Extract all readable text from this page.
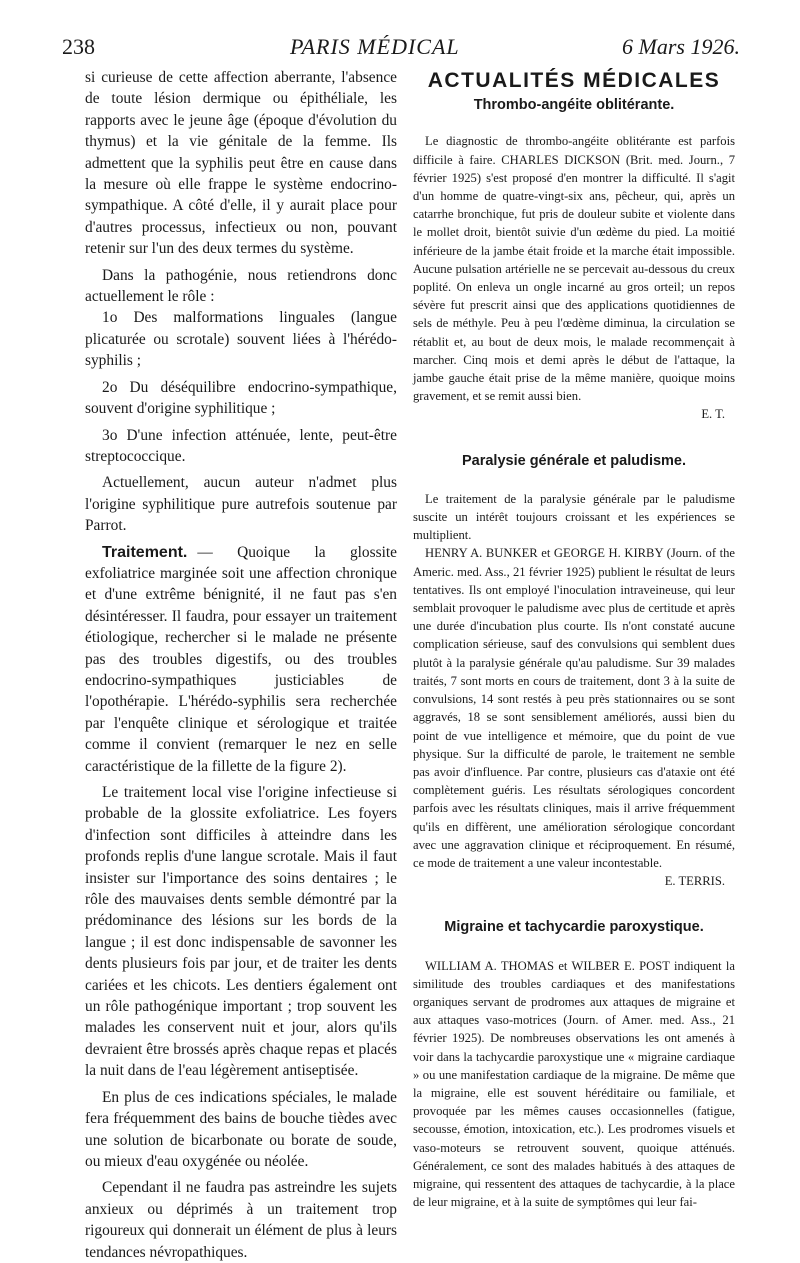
238	PARIS MÉDICAL	6 Mars 1926.

si curieuse de cette affection aberrante, l'absence de toute lésion dermique ou épithéliale, les rapports avec le jeune âge (époque d'évolution du thymus) et la vie génitale de la femme. Ils admettent que la syphilis peut être en cause dans la mesure où elle frappe le système endocrino-sympathique. A côté d'elle, il y aurait place pour d'autres processus, infectieux ou non, pouvant retenir sur l'un des deux termes du système.

Dans la pathogénie, nous retiendrons donc actuellement le rôle :

1o Des malformations linguales (langue plicaturée ou scrotale) souvent liées à l'hérédo-syphilis ;

2o Du déséquilibre endocrino-sympathique, souvent d'origine syphilitique ;

3o D'une infection atténuée, lente, peut-être streptococcique.

Actuellement, aucun auteur n'admet plus l'origine syphilitique pure autrefois soutenue par Parrot.

Traitement. — Quoique la glossite exfoliatrice marginée soit une affection chronique et d'une extrême bénignité, il ne faut pas s'en désintéresser. Il faudra, pour essayer un traitement étiologique, rechercher si le malade ne présente pas des troubles digestifs, ou des troubles endocrino-sympathiques justiciables de l'opothérapie. L'hérédo-syphilis sera recherchée par l'enquête clinique et sérologique et traitée comme il convient (remarquer le nez en selle caractéristique de la fillette de la figure 2).

Le traitement local vise l'origine infectieuse si probable de la glossite exfoliatrice. Les foyers d'infection sont difficiles à atteindre dans les profonds replis d'une langue scrotale. Mais il faut insister sur l'importance des soins dentaires ; le rôle des mauvaises dents semble démontré par la prédominance des lésions sur les bords de la langue ; il est donc indispensable de savonner les dents plusieurs fois par jour, et de traiter les dents cariées et les chicots. Les dentiers également ont un rôle pathogénique important ; trop souvent les malades les conservent nuit et jour, alors qu'ils devraient être brossés après chaque repas et placés la nuit dans de l'eau légèrement antiseptisée.

En plus de ces indications spéciales, le malade fera fréquemment des bains de bouche tièdes avec une solution de bicarbonate ou borate de soude, ou mieux d'eau oxygénée ou néolée.

Cependant il ne faudra pas astreindre les sujets anxieux ou déprimés à un traitement trop rigoureux qui donnerait un élément de plus à leurs tendances névropathiques.

ACTUALITÉS MÉDICALES
Thrombo-angéite oblitérante.

Le diagnostic de thrombo-angéite oblitérante est parfois difficile à faire. CHARLES DICKSON (Brit. med. Journ., 7 février 1925) s'est proposé d'en montrer la difficulté. Il s'agit d'un homme de quatre-vingt-six ans, pêcheur, qui, après un catarrhe bronchique, fut pris de douleur subite et violente dans le mollet droit, bientôt suivie d'un œdème du pied. La moitié inférieure de la jambe était froide et la marche était impossible. Aucune pulsation artérielle ne se percevait au-dessous du creux poplité. On enleva un ongle incarné au gros orteil; un repos sévère fut prescrit ainsi que des applications quotidiennes de sels de méthyle. Peu à peu l'œdème diminua, la circulation se rétablit et, au bout de deux mois, le malade recommençait à marcher. Cinq mois et demi après le début de l'attaque, la jambe gauche était prise de la même manière, quoique moins gravement, et se remit aussi bien.

E. T.
Paralysie générale et paludisme.

Le traitement de la paralysie générale par le paludisme suscite un intérêt toujours croissant et les expériences se multiplient.

HENRY A. BUNKER et GEORGE H. KIRBY (Journ. of the Americ. med. Ass., 21 février 1925) publient le résultat de leurs tentatives. Ils ont employé l'inoculation intraveineuse, qui leur semblait provoquer le paludisme avec plus de certitude et après une durée d'incubation plus courte. Ils n'ont constaté aucune complication sérieuse, sauf des convulsions qui semblent dues plutôt à la paralysie générale qu'au paludisme. Sur 39 malades traités, 7 sont morts en cours de traitement, dont 3 à la suite de convulsions, 14 sont restés à peu près stationnaires ou se sont aggravés, 18 se sont sensiblement améliorés, aussi bien du point de vue intelligence et mémoire, que du point de vue physique. Sur la difficulté de parole, le traitement ne semble pas avoir d'influence. Par contre, plusieurs cas d'ataxie ont été complètement guéris. Les résultats sérologiques concordent parfois avec les résultats cliniques, mais il arrive fréquemment qu'ils en diffèrent, une amélioration sérologique concordant avec une aggravation clinique et réciproquement. En résumé, ce mode de traitement a une valeur incontestable.

E. TERRIS.
Migraine et tachycardie paroxystique.

WILLIAM A. THOMAS et WILBER E. POST indiquent la similitude des troubles cardiaques et des manifestations organiques servant de prodromes aux attaques de migraine et aux attaques vaso-motrices (Journ. of Amer. med. Ass., 21 février 1925). De nombreuses observations les ont amenés à voir dans la tachycardie paroxystique une « migraine cardiaque » ou une manifestation cardiaque de la migraine. De même que la migraine, elle est souvent héréditaire ou familiale, et provoquée par les mêmes causes occasionnelles (fatigue, secousse, émotion, intoxication, etc.). Les prodromes visuels et vaso-moteurs se retrouvent souvent, quoique atténués. Généralement, ce sont des malades habitués à des attaques de migraine, qui ressentent des attaques de tachycardie, à la place de leur migraine, et à la suite de symptômes qui leur fai-
